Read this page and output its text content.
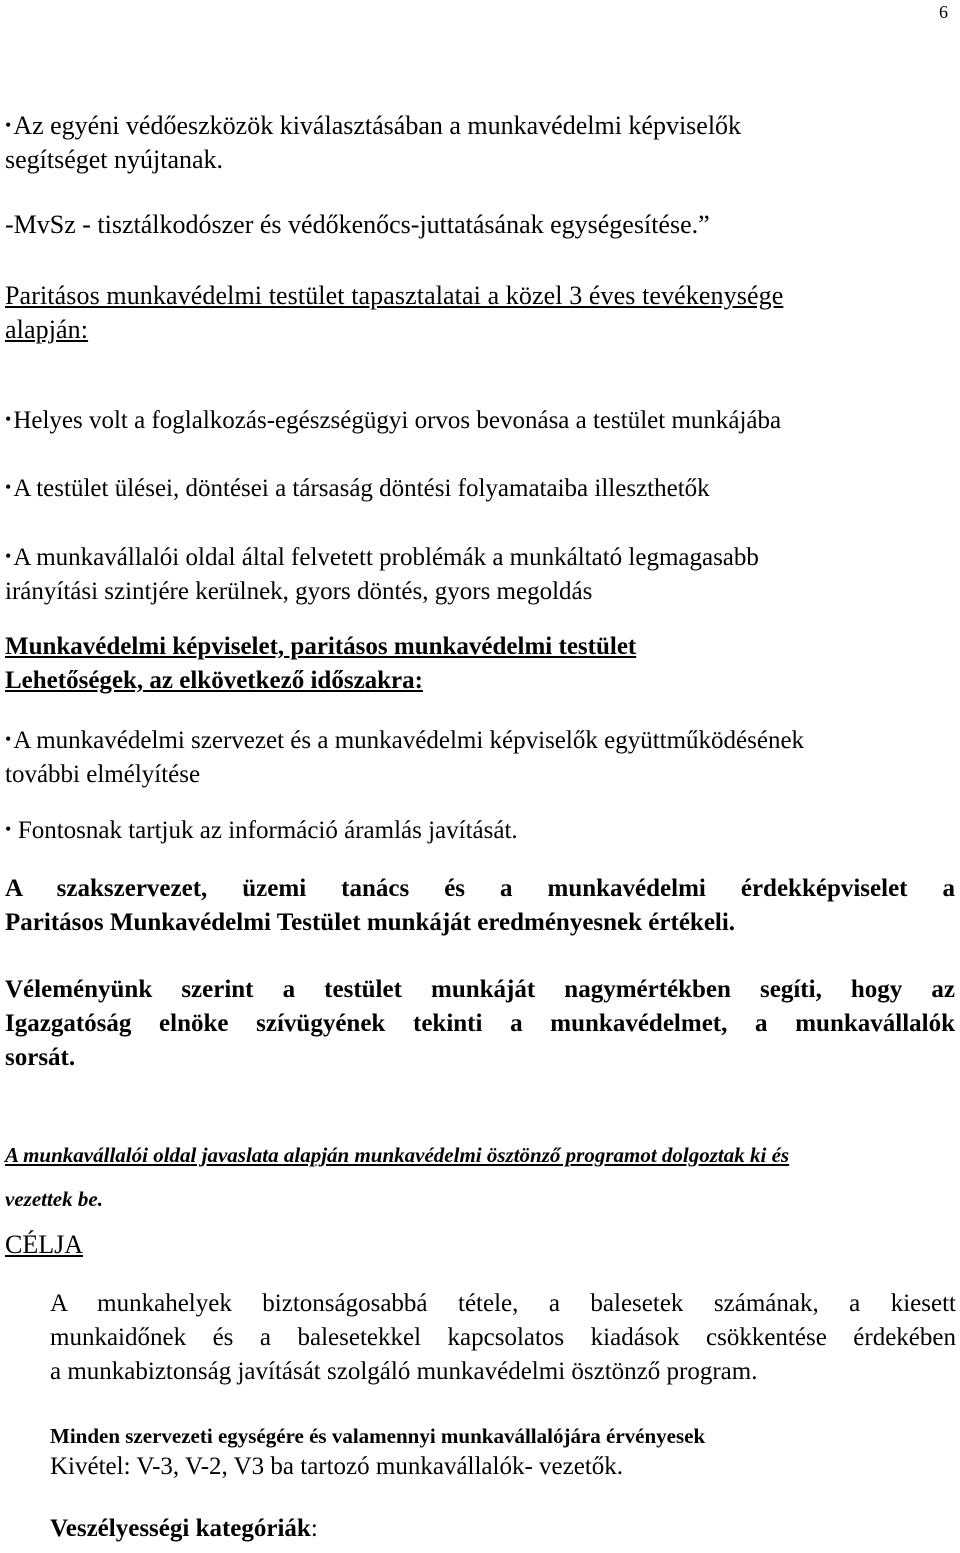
6
•Az egyéni védőeszközök kiválasztásában a munkavédelmi képviselők
segítséget nyújtanak.
-MvSz - tisztálkodószer és védőkenőcs-juttatásának egységesítése.”
Paritásos munkavédelmi testület tapasztalatai a közel 3 éves tevékenysége
alapján:
•Helyes volt a foglalkozás-egészségügyi orvos bevonása a testület munkájába
•A testület ülései, döntései a társaság döntési folyamataiba illeszthetők
•A munkavállalói oldal által felvetett problémák a munkáltató legmagasabb
irányítási szintjére kerülnek, gyors döntés, gyors megoldás
Munkavédelmi képviselet, paritásos munkavédelmi testület
Lehetőségek, az elkövetkező időszakra:
•A munkavédelmi szervezet és a munkavédelmi képviselők együttműködésének
további elmélyítése
• Fontosnak tartjuk az információ áramlás javítását.
A szakszervezet, üzemi tanács és a munkavédelmi érdekképviselet a
Paritásos Munkavédelmi Testület munkáját eredményesnek értékeli.
Véleményünk szerint a testület munkáját nagymértékben segíti, hogy az
Igazgatóság elnöke szívügyének tekinti a munkavédelmet, a munkavállalók
sorsát.
A munkavállalói oldal javaslata alapján munkavédelmi ösztönző programot dolgoztak ki és
vezettek be.
CÉLJA
A munkahelyek biztonságosabbá tétele, a balesetek számának, a kiesett
munkaidőnek és a balesetekkel kapcsolatos kiadások csökkentése érdekében
a munkabiztonság javítását szolgáló munkavédelmi ösztönző program.
Minden szervezeti egységére és valamennyi munkavállalójára érvényesek
Kivétel: V-3, V-2, V3 ba tartozó munkavállalók- vezetők.
Veszélyességi kategóriák:
